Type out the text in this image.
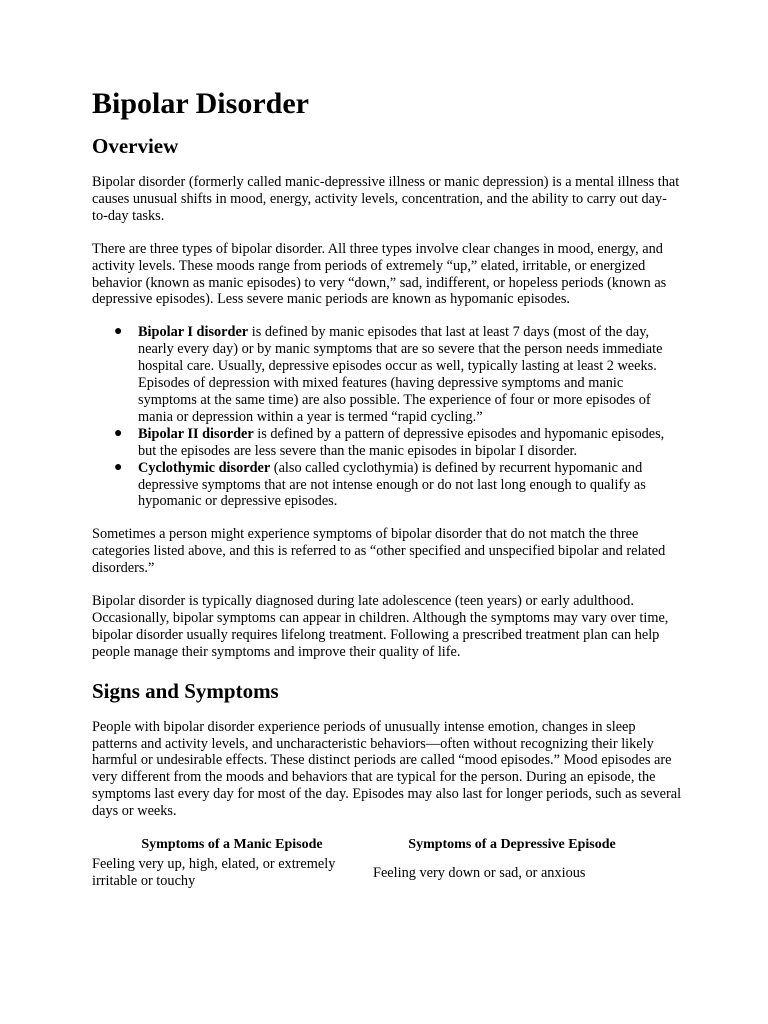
Bipolar Disorder
Overview

Bipolar disorder (formerly called manic-depressive illness or manic depression) is a mental illness that causes unusual shifts in mood, energy, activity levels, concentration, and the ability to carry out day-to-day tasks.

There are three types of bipolar disorder. All three types involve clear changes in mood, energy, and activity levels. These moods range from periods of extremely “up,” elated, irritable, or energized behavior (known as manic episodes) to very “down,” sad, indifferent, or hopeless periods (known as depressive episodes). Less severe manic periods are known as hypomanic episodes.

● Bipolar I disorder is defined by manic episodes that last at least 7 days (most of the day, nearly every day) or by manic symptoms that are so severe that the person needs immediate hospital care. Usually, depressive episodes occur as well, typically lasting at least 2 weeks. Episodes of depression with mixed features (having depressive symptoms and manic symptoms at the same time) are also possible. The experience of four or more episodes of mania or depression within a year is termed “rapid cycling.”
● Bipolar II disorder is defined by a pattern of depressive episodes and hypomanic episodes, but the episodes are less severe than the manic episodes in bipolar I disorder.
● Cyclothymic disorder (also called cyclothymia) is defined by recurrent hypomanic and depressive symptoms that are not intense enough or do not last long enough to qualify as hypomanic or depressive episodes.

Sometimes a person might experience symptoms of bipolar disorder that do not match the three categories listed above, and this is referred to as “other specified and unspecified bipolar and related disorders.”

Bipolar disorder is typically diagnosed during late adolescence (teen years) or early adulthood. Occasionally, bipolar symptoms can appear in children. Although the symptoms may vary over time, bipolar disorder usually requires lifelong treatment. Following a prescribed treatment plan can help people manage their symptoms and improve their quality of life.

Signs and Symptoms

People with bipolar disorder experience periods of unusually intense emotion, changes in sleep patterns and activity levels, and uncharacteristic behaviors—often without recognizing their likely harmful or undesirable effects. These distinct periods are called “mood episodes.” Mood episodes are very different from the moods and behaviors that are typical for the person. During an episode, the symptoms last every day for most of the day. Episodes may also last for longer periods, such as several days or weeks.

Symptoms of a Manic Episode	Symptoms of a Depressive Episode
Feeling very up, high, elated, or extremely irritable or touchy	Feeling very down or sad, or anxious
